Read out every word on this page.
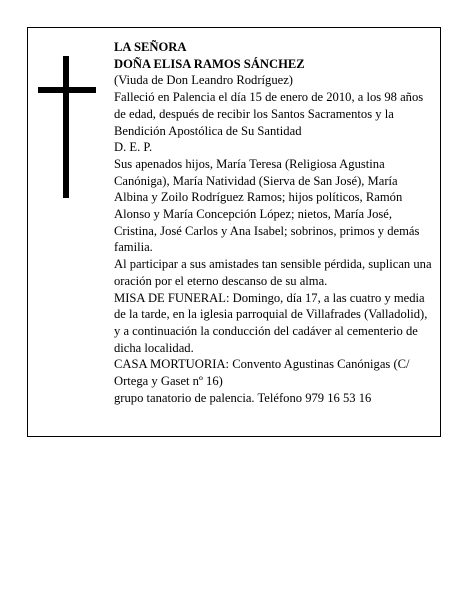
LA SEÑORA

DOÑA ELISA RAMOS SÁNCHEZ

(Viuda de Don Leandro Rodríguez)

Falleció en Palencia el día 15 de enero de 2010, a los 98 años de edad, después de recibir los Santos Sacramentos y la Bendición Apostólica de Su Santidad

D. E. P.

Sus apenados hijos, María Teresa (Religiosa Agustina Canóniga), María Natividad (Sierva de San José), María Albina y Zoilo Rodríguez Ramos; hijos políticos, Ramón Alonso y María Concepción López; nietos, María José, Cristina, José Carlos y Ana Isabel; sobrinos, primos y demás familia.

Al participar a sus amistades tan sensible pérdida, suplican una oración por el eterno descanso de su alma.

MISA DE FUNERAL: Domingo, día 17, a las cuatro y media de la tarde, en la iglesia parroquial de Villafrades (Valladolid), y a continuación la conducción del cadáver al cementerio de dicha localidad.

CASA MORTUORIA: Convento Agustinas Canónigas (C/ Ortega y Gaset nº 16)

grupo tanatorio de palencia. Teléfono 979 16 53 16
